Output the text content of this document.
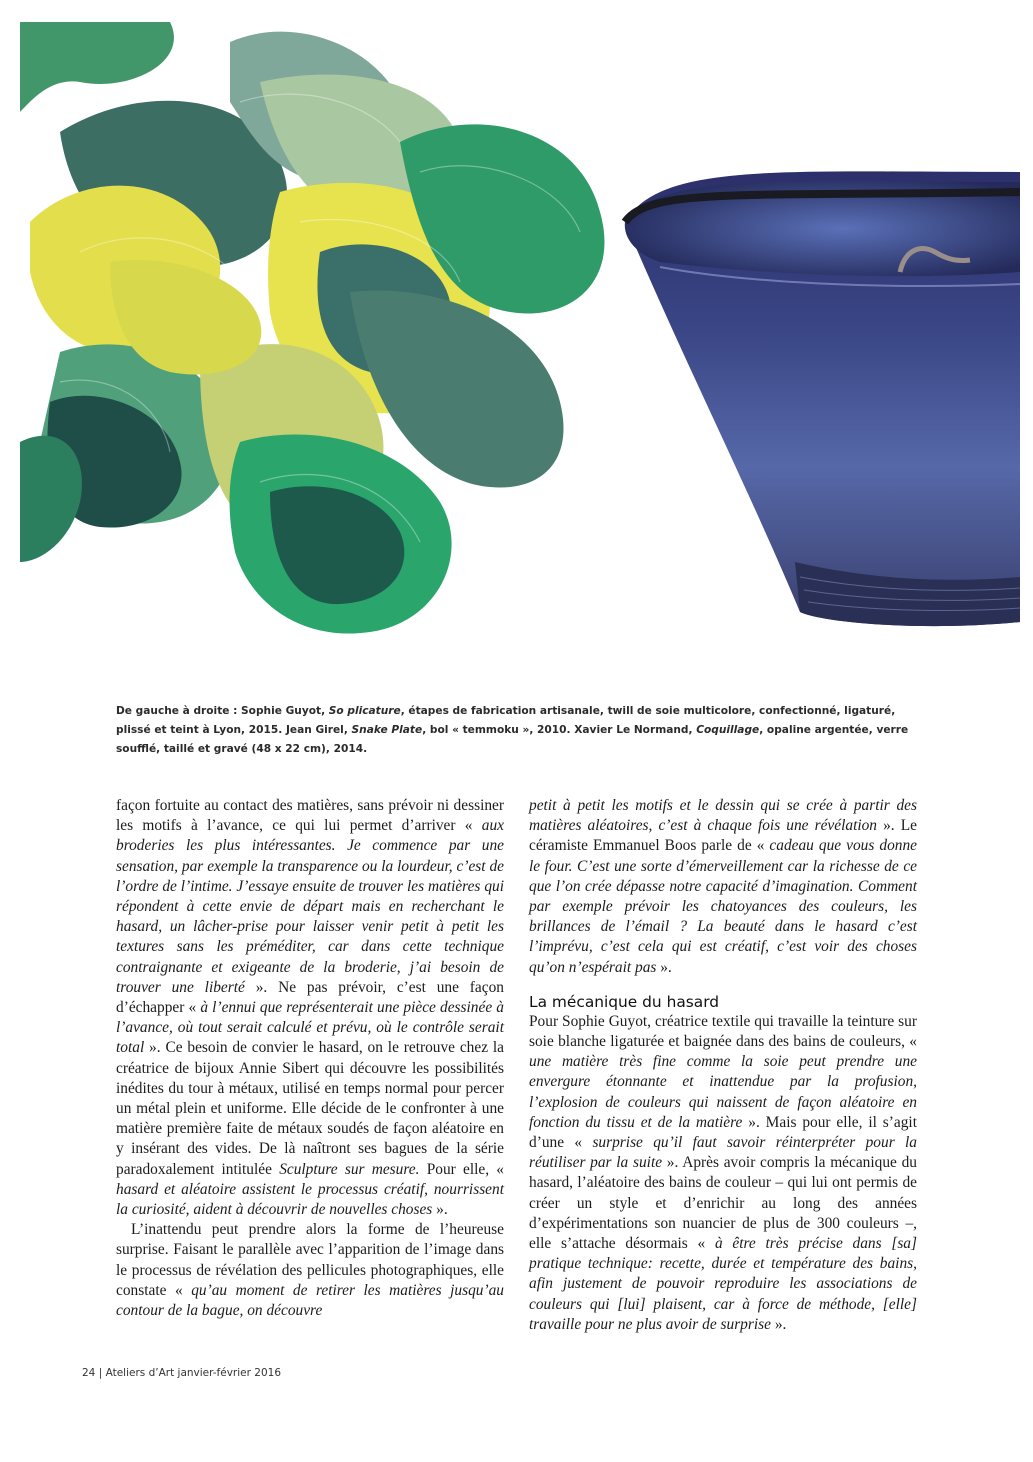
De gauche à droite : Sophie Guyot, So plicature, étapes de fabrication artisanale, twill de soie multicolore, confectionné, ligaturé, plissé et teint à Lyon, 2015. Jean Girel, Snake Plate, bol « temmoku », 2010. Xavier Le Normand, Coquillage, opaline argentée, verre soufflé, taillé et gravé (48 x 22 cm), 2014.

façon fortuite au contact des matières, sans prévoir ni dessiner les motifs à l’avance, ce qui lui permet d’arriver « aux broderies les plus intéressantes. Je commence par une sensation, par exemple la transparence ou la lourdeur, c’est de l’ordre de l’intime. J’essaye ensuite de trouver les matières qui répondent à cette envie de départ mais en recherchant le hasard, un lâcher-prise pour laisser venir petit à petit les textures sans les préméditer, car dans cette technique contraignante et exigeante de la broderie, j’ai besoin de trouver une liberté ». Ne pas prévoir, c’est une façon d’échapper « à l’ennui que représenterait une pièce dessinée à l’avance, où tout serait calculé et prévu, où le contrôle serait total ». Ce besoin de convier le hasard, on le retrouve chez la créatrice de bijoux Annie Sibert qui découvre les possibilités inédites du tour à métaux, utilisé en temps normal pour percer un métal plein et uniforme. Elle décide de le confronter à une matière première faite de métaux soudés de façon aléatoire en y insérant des vides. De là naîtront ses bagues de la série paradoxalement intitulée Sculpture sur mesure. Pour elle, « hasard et aléatoire assistent le processus créatif, nourrissent la curiosité, aident à découvrir de nouvelles choses ».

L’inattendu peut prendre alors la forme de l’heureuse surprise. Faisant le parallèle avec l’apparition de l’image dans le processus de révélation des pellicules photographiques, elle constate « qu’au moment de retirer les matières jusqu’au contour de la bague, on découvre

petit à petit les motifs et le dessin qui se crée à partir des matières aléatoires, c’est à chaque fois une révélation ». Le céramiste Emmanuel Boos parle de « cadeau que vous donne le four. C’est une sorte d’émerveillement car la richesse de ce que l’on crée dépasse notre capacité d’imagination. Comment par exemple prévoir les chatoyances des couleurs, les brillances de l’émail ? La beauté dans le hasard c’est l’imprévu, c’est cela qui est créatif, c’est voir des choses qu’on n’espérait pas ».

La mécanique du hasard

Pour Sophie Guyot, créatrice textile qui travaille la teinture sur soie blanche ligaturée et baignée dans des bains de couleurs, « une matière très fine comme la soie peut prendre une envergure étonnante et inattendue par la profusion, l’explosion de couleurs qui naissent de façon aléatoire en fonction du tissu et de la matière ». Mais pour elle, il s’agit d’une « surprise qu’il faut savoir réinterpréter pour la réutiliser par la suite ». Après avoir compris la mécanique du hasard, l’aléatoire des bains de couleur – qui lui ont permis de créer un style et d’enrichir au long des années d’expérimentations son nuancier de plus de 300 couleurs –, elle s’attache désormais « à être très précise dans [sa] pratique technique: recette, durée et température des bains, afin justement de pouvoir reproduire les associations de couleurs qui [lui] plaisent, car à force de méthode, [elle] travaille pour ne plus avoir de surprise ».

24 | Ateliers d’Art janvier-février 2016
